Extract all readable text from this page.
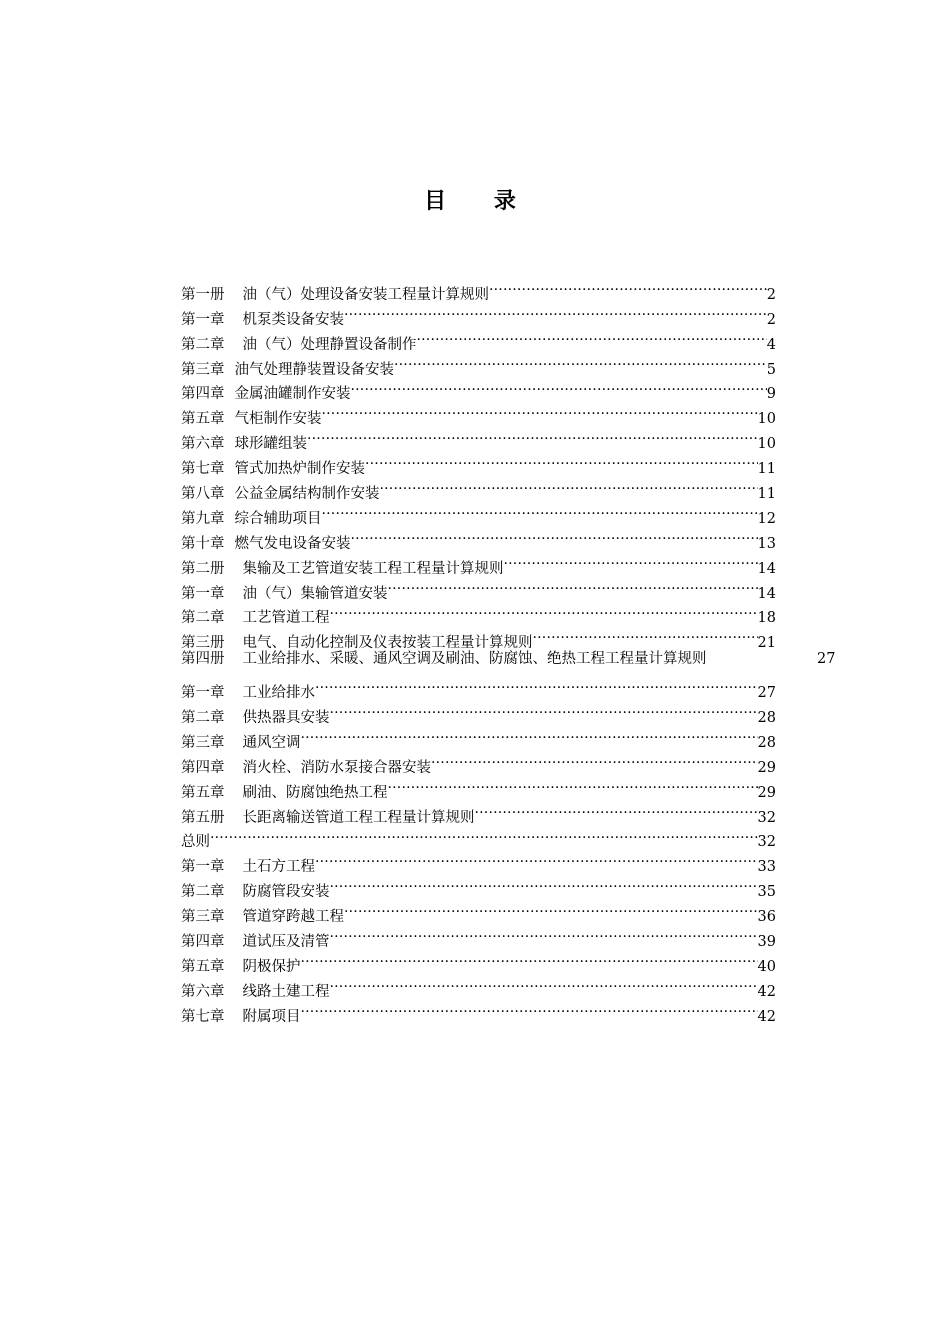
目 录
第一册 油（气）处理设备安装工程量计算规则 .....	2
第一章 机泵类设备安装 .....	2
第二章 油（气）处理静置设备制作 .....	4
第三章 油气处理静装置设备安装 .....	5
第四章 金属油罐制作安装 .....	9
第五章 气柜制作安装 .....	10
第六章 球形罐组装 .....	10
第七章 管式加热炉制作安装 .....	11
第八章 公益金属结构制作安装 .....	11
第九章 综合辅助项目 .....	12
第十章 燃气发电设备安装 .....	13
第二册 集输及工艺管道安装工程工程量计算规则 .....	14
第一章 油（气）集输管道安装 .....	14
第二章 工艺管道工程 .....	18
第三册 电气、自动化控制及仪表按装工程量计算规则 .....	21
第四册 工业给排水、采暖、通风空调及刷油、防腐蚀、绝热工程工程量计算规则	27
第一章 工业给排水 .....	27
第二章 供热器具安装 .....	28
第三章 通风空调 .....	28
第四章 消火栓、消防水泵接合器安装 .....	29
第五章 刷油、防腐蚀绝热工程 .....	29
第五册 长距离输送管道工程工程量计算规则 .....	32
总则 .....	32
第一章 土石方工程 .....	33
第二章 防腐管段安装 .....	35
第三章 管道穿跨越工程 .....	36
第四章 道试压及清管 .....	39
第五章 阴极保护 .....	40
第六章 线路土建工程 .....	42
第七章 附属项目 .....	42
